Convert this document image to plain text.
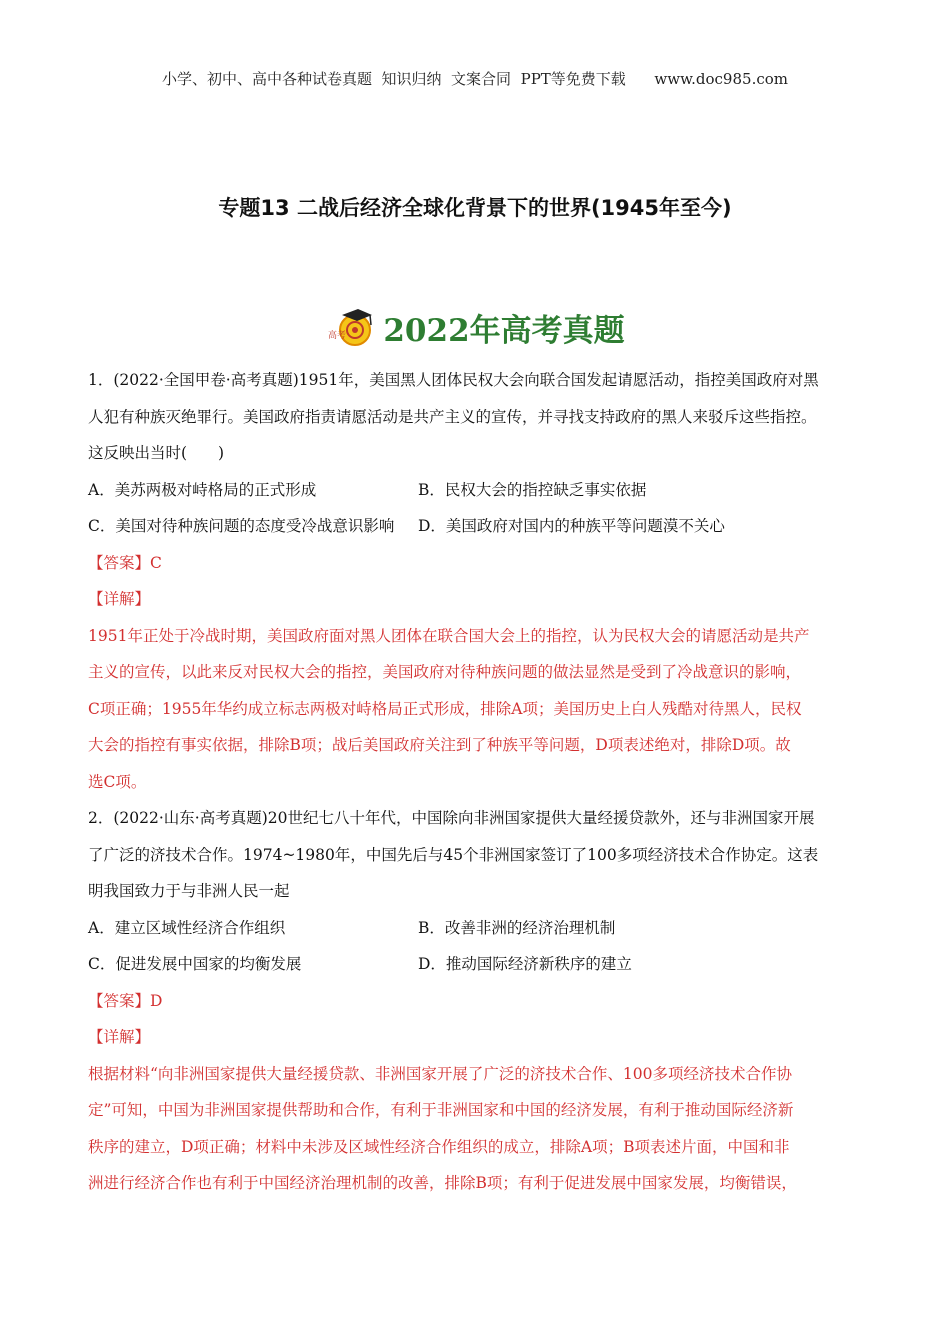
小学、初中、高中各种试卷真题  知识归纳  文案合同  PPT等免费下载      www.doc985.com
专题13 二战后经济全球化背景下的世界(1945年至今)
高考 2022年高考真题
1．(2022·全国甲卷·高考真题)1951年，美国黑人团体民权大会向联合国发起请愿活动，指控美国政府对黑
人犯有种族灭绝罪行。美国政府指责请愿活动是共产主义的宣传，并寻找支持政府的黑人来驳斥这些指控。
这反映出当时(　　)
A．美苏两极对峙格局的正式形成	B．民权大会的指控缺乏事实依据
C．美国对待种族问题的态度受冷战意识影响	D．美国政府对国内的种族平等问题漠不关心
【答案】C
【详解】
1951年正处于冷战时期，美国政府面对黑人团体在联合国大会上的指控，认为民权大会的请愿活动是共产
主义的宣传，以此来反对民权大会的指控，美国政府对待种族问题的做法显然是受到了冷战意识的影响，
C项正确；1955年华约成立标志两极对峙格局正式形成，排除A项；美国历史上白人残酷对待黑人，民权
大会的指控有事实依据，排除B项；战后美国政府关注到了种族平等问题，D项表述绝对，排除D项。故
选C项。
2．(2022·山东·高考真题)20世纪七八十年代，中国除向非洲国家提供大量经援贷款外，还与非洲国家开展
了广泛的济技术合作。1974~1980年，中国先后与45个非洲国家签订了100多项经济技术合作协定。这表
明我国致力于与非洲人民一起
A．建立区域性经济合作组织	B．改善非洲的经济治理机制
C．促进发展中国家的均衡发展	D．推动国际经济新秩序的建立
【答案】D
【详解】
根据材料“向非洲国家提供大量经援贷款、非洲国家开展了广泛的济技术合作、100多项经济技术合作协
定”可知，中国为非洲国家提供帮助和合作，有利于非洲国家和中国的经济发展，有利于推动国际经济新
秩序的建立，D项正确；材料中未涉及区域性经济合作组织的成立，排除A项；B项表述片面，中国和非
洲进行经济合作也有利于中国经济治理机制的改善，排除B项；有利于促进发展中国家发展，均衡错误，
